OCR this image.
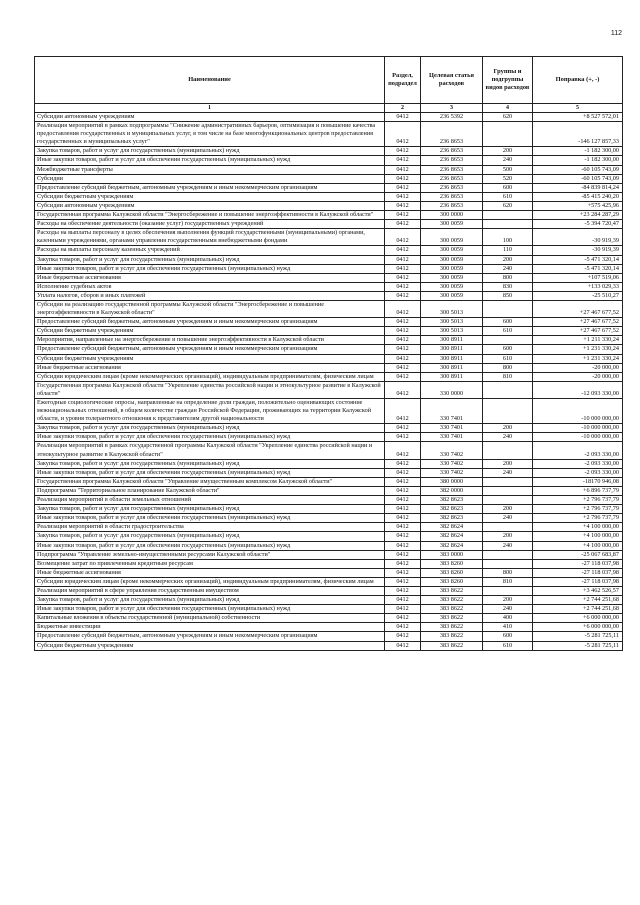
112
Наименование	Раздел, подраздел	Целевая статья расходов	Группы и подгруппы видов расходов	Поправка (+, -)
1	2	3	4	5
Субсидии автономным учреждениям	0412	236 5392	620	+8 527 572,01
Реализация мероприятий в рамках подпрограммы "Снижение административных барьеров, оптимизация и повышение качества предоставления государственных и муниципальных услуг, в том числе на базе многофункциональных центров предоставления государственных и муниципальных услуг"	0412	236 8653		-146 127 857,33
Закупка товаров, работ и услуг для государственных (муниципальных) нужд	0412	236 8653	200	-1 182 300,00
Иные закупки товаров, работ и услуг для обеспечения государственных (муниципальных) нужд	0412	236 8653	240	-1 182 300,00
Межбюджетные трансферты	0412	236 8653	500	-60 105 743,09
Субсидии	0412	236 8653	520	-60 105 743,09
Предоставление субсидий бюджетным, автономным учреждениям и иным некоммерческим организациям	0412	236 8653	600	-84 839 814,24
Субсидии бюджетным учреждениям	0412	236 8653	610	-85 415 240,20
Субсидии автономным учреждениям	0412	236 8653	620	+575 425,96
Государственная программа Калужской области "Энергосбережение и повышение энергоэффективности в Калужской области"	0412	300 0000		+23 284 287,29
Расходы на обеспечение деятельности (оказание услуг) государственных учреждений	0412	300 0059		-5 394 720,47
Расходы на выплаты персоналу в целях обеспечения выполнения функций государственными (муниципальными) органами, казенными учреждениями, органами управления государственными внебюджетными фондами	0412	300 0059	100	-30 919,39
Расходы на выплаты персоналу казенных учреждений	0412	300 0059	110	-30 919,39
Закупка товаров, работ и услуг для государственных (муниципальных) нужд	0412	300 0059	200	-5 471 320,14
Иные закупки товаров, работ и услуг для обеспечения государственных (муниципальных) нужд	0412	300 0059	240	-5 471 320,14
Иные бюджетные ассигнования	0412	300 0059	800	+107 519,06
Исполнение судебных актов	0412	300 0059	830	+133 029,33
Уплата налогов, сборов и иных платежей	0412	300 0059	850	-25 510,27
Субсидии на реализацию государственной программы Калужской области "Энергосбережение и повышение энергоэффективности в Калужской области"	0412	300 5013		+27 467 677,52
Предоставление субсидий бюджетным, автономным учреждениям и иным некоммерческим организациям	0412	300 5013	600	+27 467 677,52
Субсидии бюджетным учреждениям	0412	300 5013	610	+27 467 677,52
Мероприятия, направленные на энергосбережение и повышение энергоэффективности в Калужской области	0412	300 8911		+1 211 330,24
Предоставление субсидий бюджетным, автономным учреждениям и иным некоммерческим организациям	0412	300 8911	600	+1 231 330,24
Субсидии бюджетным учреждениям	0412	300 8911	610	+1 231 330,24
Иные бюджетные ассигнования	0412	300 8911	800	-20 000,00
Субсидии юридическим лицам (кроме некоммерческих организаций), индивидуальным предпринимателям, физическим лицам	0412	300 8911	810	-20 000,00
Государственная программа Калужской области "Укрепление единства российской нации и этнокультурное развитие в Калужской области"	0412	330 0000		-12 093 330,00
Ежегодные социологические опросы, направленные на определение доли граждан, положительно оценивающих состояние межнациональных отношений, в общем количестве граждан Российской Федерации, проживающих на территории Калужской области, и уровня толерантного отношения к представителям другой национальности	0412	330 7401		-10 000 000,00
Закупка товаров, работ и услуг для государственных (муниципальных) нужд	0412	330 7401	200	-10 000 000,00
Иные закупки товаров, работ и услуг для обеспечения государственных (муниципальных) нужд	0412	330 7401	240	-10 000 000,00
Реализация мероприятий в рамках государственной программы Калужской области "Укрепление единства российской нации и этнокультурное развитие в Калужской области"	0412	330 7402		-2 093 330,00
Закупка товаров, работ и услуг для государственных (муниципальных) нужд	0412	330 7402	200	-2 093 330,00
Иные закупки товаров, работ и услуг для обеспечения государственных (муниципальных) нужд	0412	330 7402	240	-2 093 330,00
Государственная программа Калужской области "Управление имущественным комплексом Калужской области"	0412	380 0000		-18170 946,08
Подпрограмма "Территориальное планирование Калужской области"	0412	382 0000		+6 896 737,79
Реализация мероприятий в области земельных отношений	0412	382 8623		+2 796 737,79
Закупка товаров, работ и услуг для государственных (муниципальных) нужд	0412	382 8623	200	+2 796 737,79
Иные закупки товаров, работ и услуг для обеспечения государственных (муниципальных) нужд	0412	382 8623	240	+2 796 737,79
Реализация мероприятий в области градостроительства	0412	382 8624		+4 100 000,00
Закупка товаров, работ и услуг для государственных (муниципальных) нужд	0412	382 8624	200	+4 100 000,00
Иные закупки товаров, работ и услуг для обеспечения государственных (муниципальных) нужд	0412	382 8624	240	+4 100 000,00
Подпрограмма "Управление земельно-имущественными ресурсами Калужской области"	0412	383 0000		-25 067 683,87
Возмещение затрат по привлеченным кредитным ресурсам	0412	383 8260		-27 118 037,98
Иные бюджетные ассигнования	0412	383 8260	800	-27 118 037,98
Субсидии юридическим лицам (кроме некоммерческих организаций), индивидуальным предпринимателям, физическим лицам	0412	383 8260	810	-27 118 037,98
Реализация мероприятий в сфере управления государственным имуществом	0412	383 8622		+3 462 526,57
Закупка товаров, работ и услуг для государственных (муниципальных) нужд	0412	383 8622	200	+2 744 251,68
Иные закупки товаров, работ и услуг для обеспечения государственных (муниципальных) нужд	0412	383 8622	240	+2 744 251,68
Капитальные вложения в объекты государственной (муниципальной) собственности	0412	383 8622	400	+6 000 000,00
Бюджетные инвестиции	0412	383 8622	410	+6 000 000,00
Предоставление субсидий бюджетным, автономным учреждениям и иным некоммерческим организациям	0412	383 8622	600	-5 281 725,11
Субсидии бюджетным учреждениям	0412	383 8622	610	-5 281 725,11
